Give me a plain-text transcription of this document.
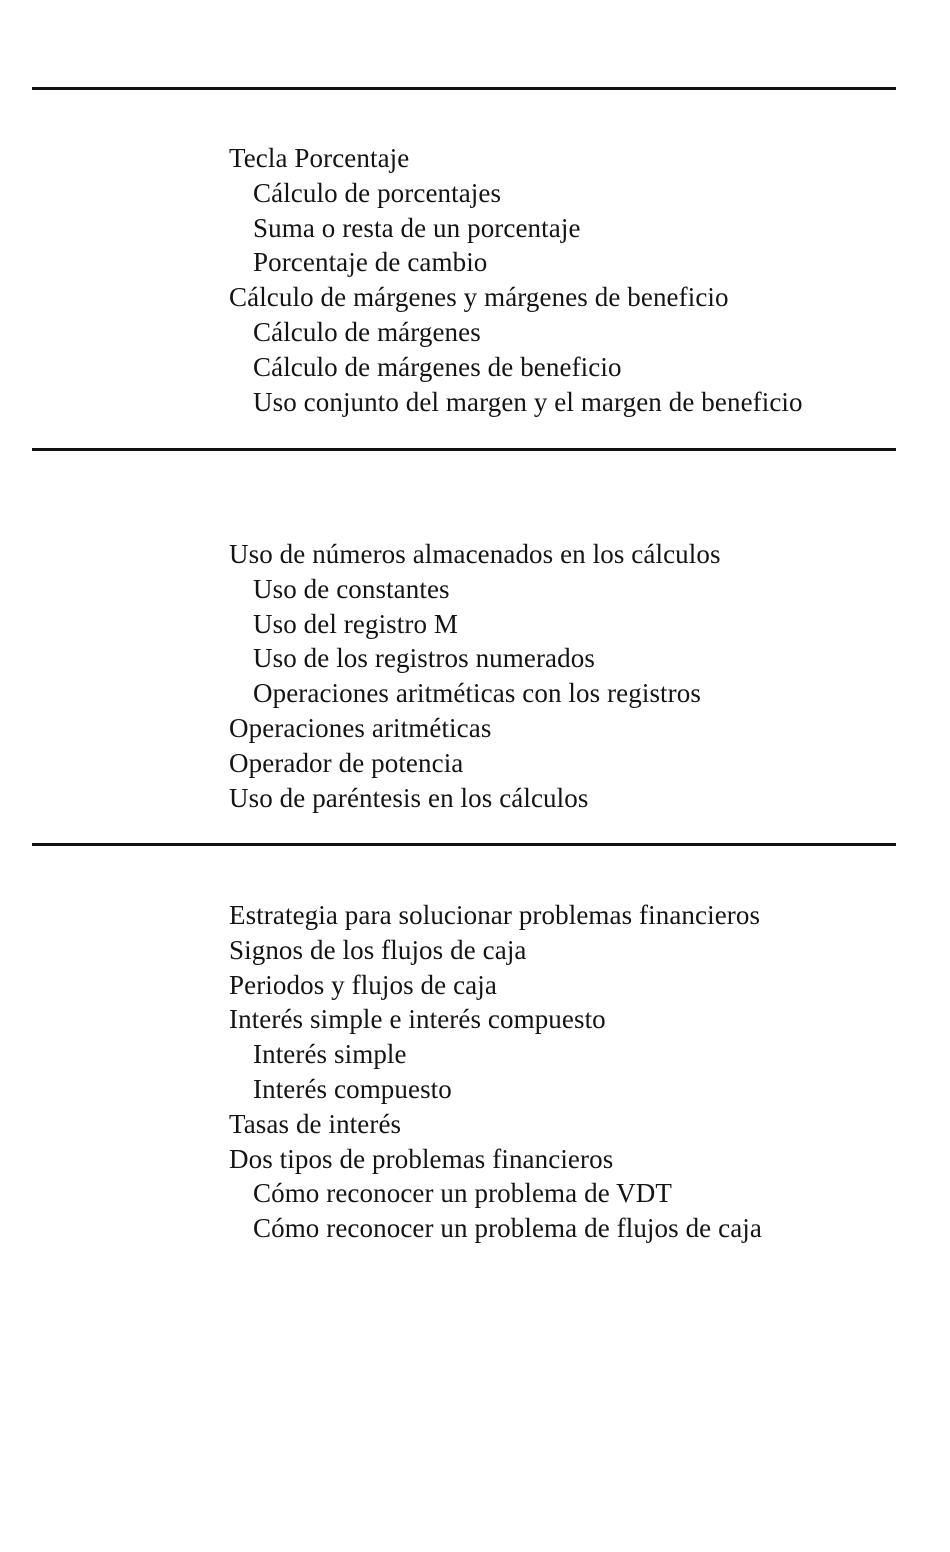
Tecla Porcentaje
Cálculo de porcentajes
Suma o resta de un porcentaje
Porcentaje de cambio
Cálculo de márgenes y márgenes de beneficio
Cálculo de márgenes
Cálculo de márgenes de beneficio
Uso conjunto del margen y el margen de beneficio
Uso de números almacenados en los cálculos
Uso de constantes
Uso del registro M
Uso de los registros numerados
Operaciones aritméticas con los registros
Operaciones aritméticas
Operador de potencia
Uso de paréntesis en los cálculos
Estrategia para solucionar problemas financieros
Signos de los flujos de caja
Periodos y flujos de caja
Interés simple e interés compuesto
Interés simple
Interés compuesto
Tasas de interés
Dos tipos de problemas financieros
Cómo reconocer un problema de VDT
Cómo reconocer un problema de flujos de caja
